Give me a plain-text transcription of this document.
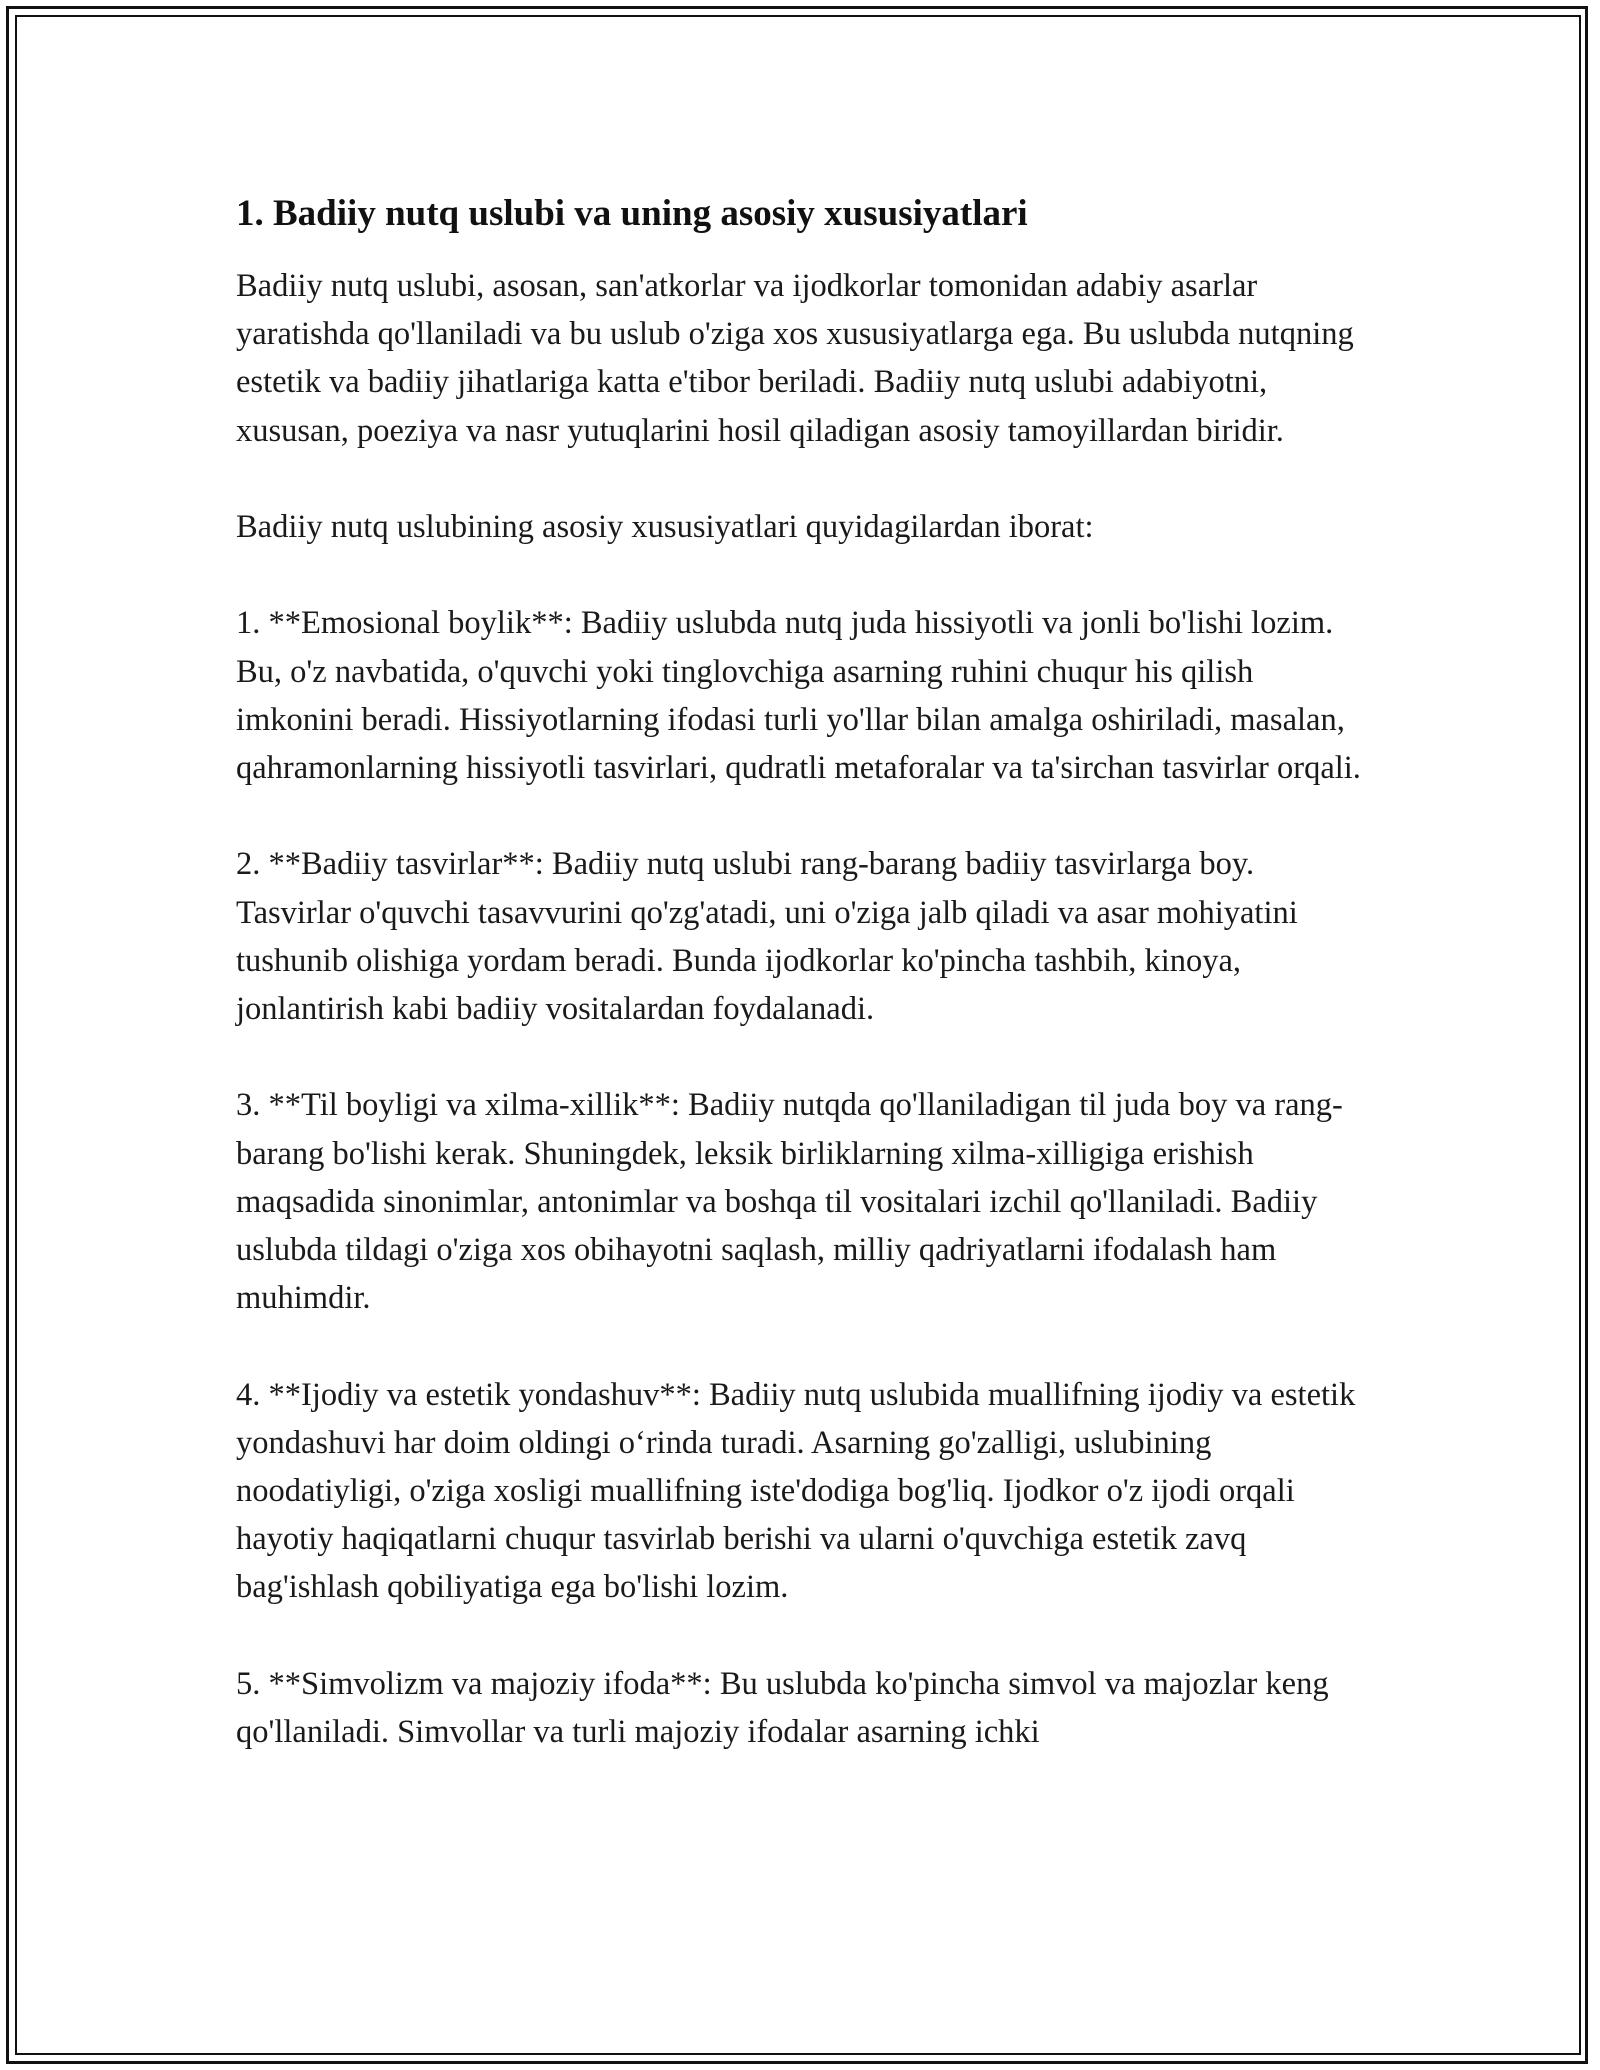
1. Badiiy nutq uslubi va uning asosiy xususiyatlari

Badiiy nutq uslubi, asosan, san'atkorlar va ijodkorlar tomonidan adabiy asarlar yaratishda qo'llaniladi va bu uslub o'ziga xos xususiyatlarga ega. Bu uslubda nutqning estetik va badiiy jihatlariga katta e'tibor beriladi. Badiiy nutq uslubi adabiyotni, xususan, poeziya va nasr yutuqlarini hosil qiladigan asosiy tamoyillardan biridir.

Badiiy nutq uslubining asosiy xususiyatlari quyidagilardan iborat:

1. **Emosional boylik**: Badiiy uslubda nutq juda hissiyotli va jonli bo'lishi lozim. Bu, o'z navbatida, o'quvchi yoki tinglovchiga asarning ruhini chuqur his qilish imkonini beradi. Hissiyotlarning ifodasi turli yo'llar bilan amalga oshiriladi, masalan, qahramonlarning hissiyotli tasvirlari, qudratli metaforalar va ta'sirchan tasvirlar orqali.

2. **Badiiy tasvirlar**: Badiiy nutq uslubi rang-barang badiiy tasvirlarga boy. Tasvirlar o'quvchi tasavvurini qo'zg'atadi, uni o'ziga jalb qiladi va asar mohiyatini tushunib olishiga yordam beradi. Bunda ijodkorlar ko'pincha tashbih, kinoya, jonlantirish kabi badiiy vositalardan foydalanadi.

3. **Til boyligi va xilma-xillik**: Badiiy nutqda qo'llaniladigan til juda boy va rang-barang bo'lishi kerak. Shuningdek, leksik birliklarning xilma-xilligiga erishish maqsadida sinonimlar, antonimlar va boshqa til vositalari izchil qo'llaniladi. Badiiy uslubda tildagi o'ziga xos obihayotni saqlash, milliy qadriyatlarni ifodalash ham muhimdir.

4. **Ijodiy va estetik yondashuv**: Badiiy nutq uslubida muallifning ijodiy va estetik yondashuvi har doim oldingi o‘rinda turadi. Asarning go'zalligi, uslubining noodatiyligi, o'ziga xosligi muallifning iste'dodiga bog'liq. Ijodkor o'z ijodi orqali hayotiy haqiqatlarni chuqur tasvirlab berishi va ularni o'quvchiga estetik zavq bag'ishlash qobiliyatiga ega bo'lishi lozim.

5. **Simvolizm va majoziy ifoda**: Bu uslubda ko'pincha simvol va majozlar keng qo'llaniladi. Simvollar va turli majoziy ifodalar asarning ichki
